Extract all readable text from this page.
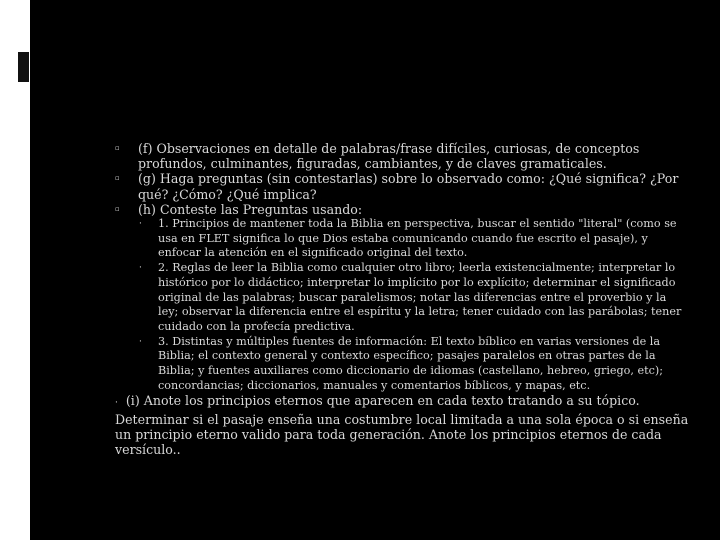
▫ (f) Observaciones en detalle de palabras/frase difíciles, curiosas, de conceptos profundos, culminantes, figuradas, cambiantes, y de claves gramaticales.

▫ (g) Haga preguntas (sin contestarlas) sobre lo observado como: ¿Qué significa? ¿Por qué? ¿Cómo? ¿Qué implica?

▫ (h) Conteste las Preguntas usando:

· 1. Principios de mantener toda la Biblia en perspectiva, buscar el sentido "literal" (como se usa en FLET significa lo que Dios estaba comunicando cuando fue escrito el pasaje), y enfocar la atención en el significado original del texto.

· 2. Reglas de leer la Biblia como cualquier otro libro; leerla existencialmente; interpretar lo histórico por lo didáctico; interpretar lo implícito por lo explícito; determinar el significado original de las palabras; buscar paralelismos; notar las diferencias entre el proverbio y la ley; observar la diferencia entre el espíritu y la letra; tener cuidado con las parábolas; tener cuidado con la profecía predictiva.

· 3. Distintas y múltiples fuentes de información: El texto bíblico en varias versiones de la Biblia; el contexto general y contexto específico; pasajes paralelos en otras partes de la Biblia; y fuentes auxiliares como diccionario de idiomas (castellano, hebreo, griego, etc); concordancias; diccionarios, manuales y comentarios bíblicos, y mapas, etc.

· (i) Anote los principios eternos que aparecen en cada texto tratando a su tópico. Determinar si el pasaje enseña una costumbre local limitada a una sola época o si enseña un principio eterno valido para toda generación. Anote los principios eternos de cada versículo..
